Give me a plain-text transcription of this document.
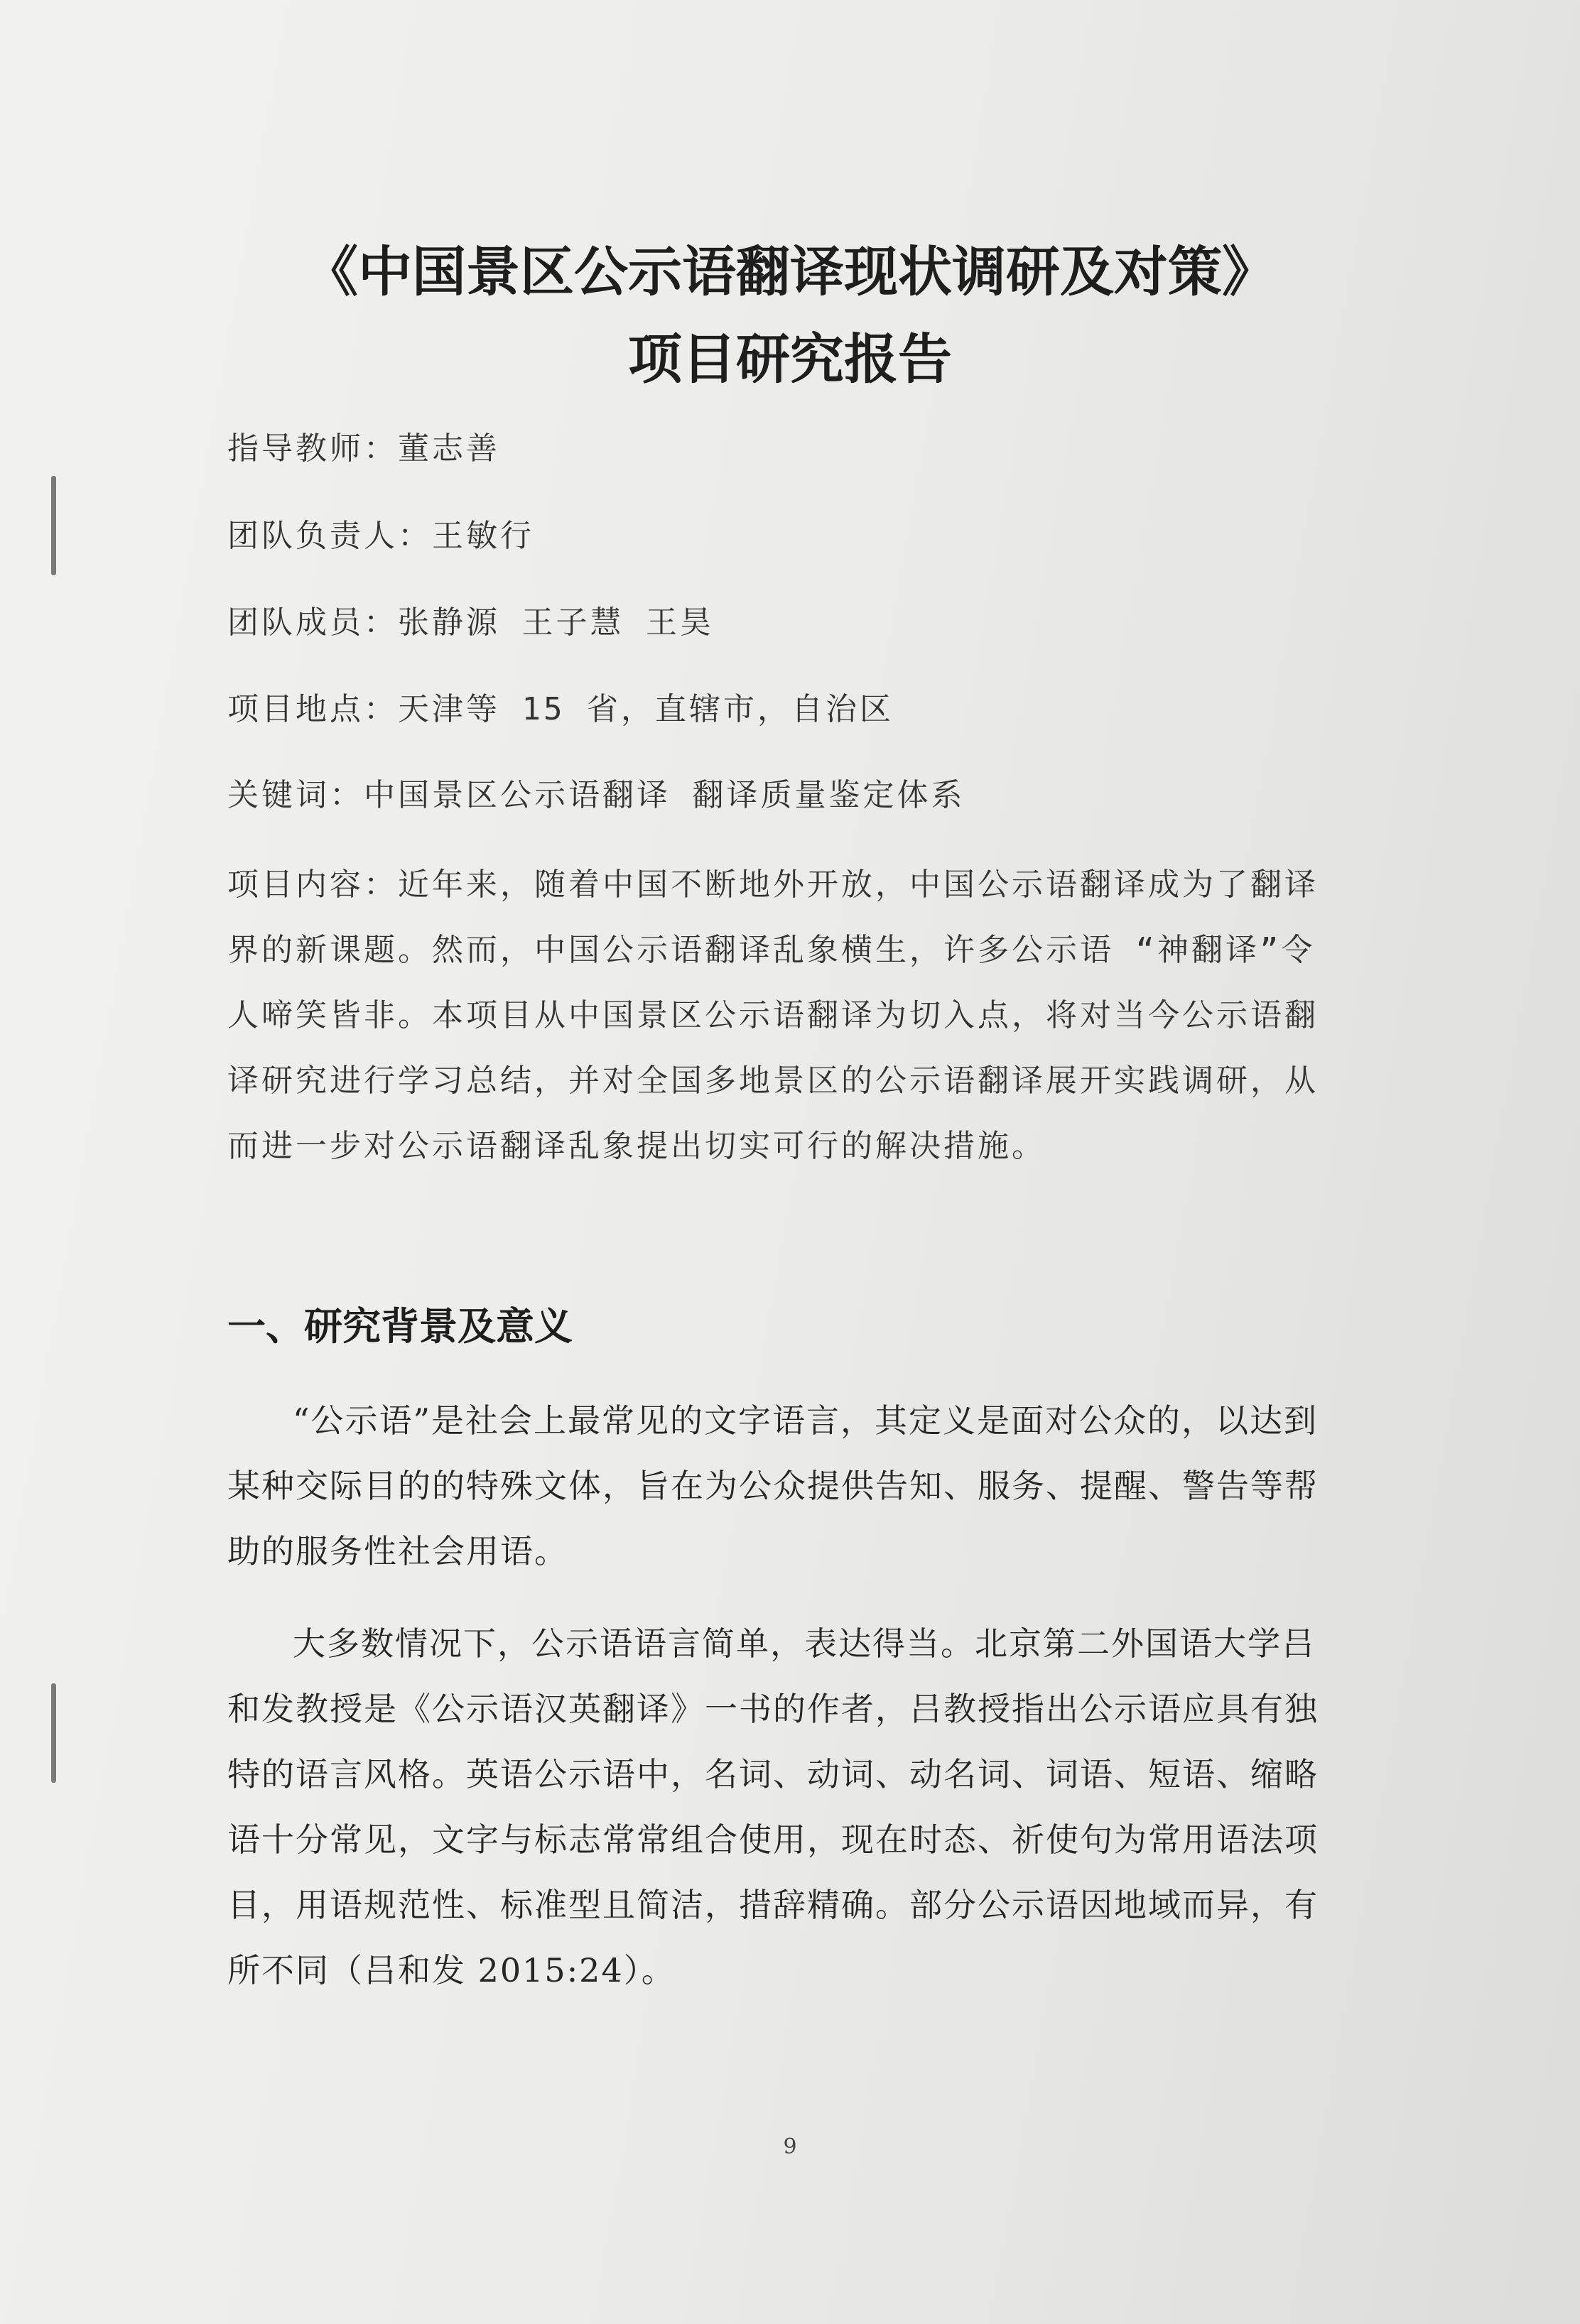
《中国景区公示语翻译现状调研及对策》
项目研究报告

指导教师：董志善

团队负责人：王敏行

团队成员：张静源 王子慧 王昊

项目地点：天津等 15 省，直辖市，自治区

关键词：中国景区公示语翻译 翻译质量鉴定体系

项目内容：近年来，随着中国不断地外开放，中国公示语翻译成为了翻译界的新课题。然而，中国公示语翻译乱象横生，许多公示语 “神翻译”令人啼笑皆非。本项目从中国景区公示语翻译为切入点，将对当今公示语翻译研究进行学习总结，并对全国多地景区的公示语翻译展开实践调研，从而进一步对公示语翻译乱象提出切实可行的解决措施。

一、研究背景及意义

“公示语”是社会上最常见的文字语言，其定义是面对公众的，以达到某种交际目的的特殊文体，旨在为公众提供告知、服务、提醒、警告等帮助的服务性社会用语。

大多数情况下，公示语语言简单，表达得当。北京第二外国语大学吕和发教授是《公示语汉英翻译》一书的作者，吕教授指出公示语应具有独特的语言风格。英语公示语中，名词、动词、动名词、词语、短语、缩略语十分常见，文字与标志常常组合使用，现在时态、祈使句为常用语法项目，用语规范性、标准型且简洁，措辞精确。部分公示语因地域而异，有所不同（吕和发 2015:24）。

9
